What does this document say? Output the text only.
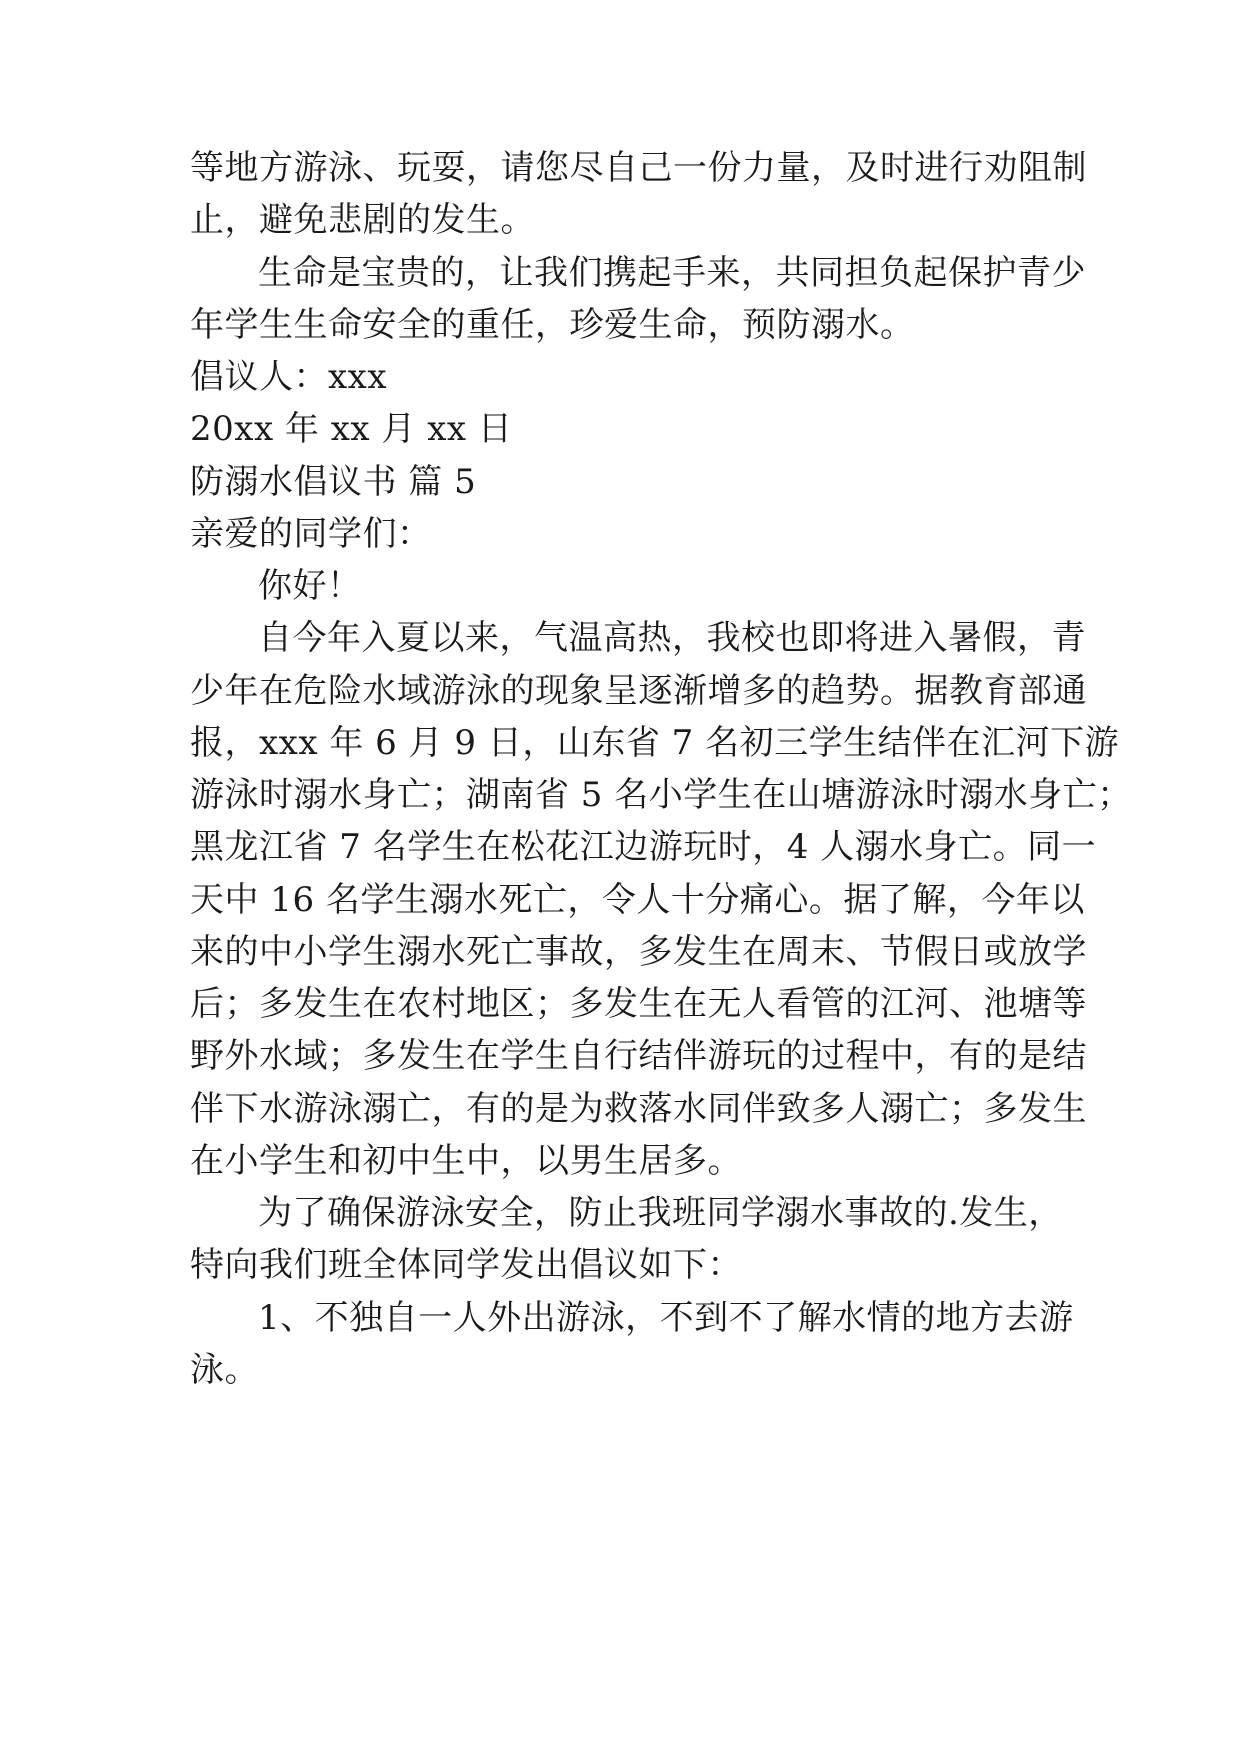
等地方游泳、玩耍，请您尽自己一份力量，及时进行劝阻制
止，避免悲剧的发生。
生命是宝贵的，让我们携起手来，共同担负起保护青少
年学生生命安全的重任，珍爱生命，预防溺水。
倡议人：xxx
20xx 年 xx 月 xx 日
防溺水倡议书 篇 5
亲爱的同学们：
你好！
自今年入夏以来，气温高热，我校也即将进入暑假，青
少年在危险水域游泳的现象呈逐渐增多的趋势。据教育部通
报，xxx 年 6 月 9 日，山东省 7 名初三学生结伴在汇河下游
游泳时溺水身亡；湖南省 5 名小学生在山塘游泳时溺水身亡；
黑龙江省 7 名学生在松花江边游玩时，4 人溺水身亡。同一
天中 16 名学生溺水死亡，令人十分痛心。据了解，今年以
来的中小学生溺水死亡事故，多发生在周末、节假日或放学
后；多发生在农村地区；多发生在无人看管的江河、池塘等
野外水域；多发生在学生自行结伴游玩的过程中，有的是结
伴下水游泳溺亡，有的是为救落水同伴致多人溺亡；多发生
在小学生和初中生中，以男生居多。
为了确保游泳安全，防止我班同学溺水事故的.发生，
特向我们班全体同学发出倡议如下：
1、不独自一人外出游泳，不到不了解水情的地方去游
泳。
